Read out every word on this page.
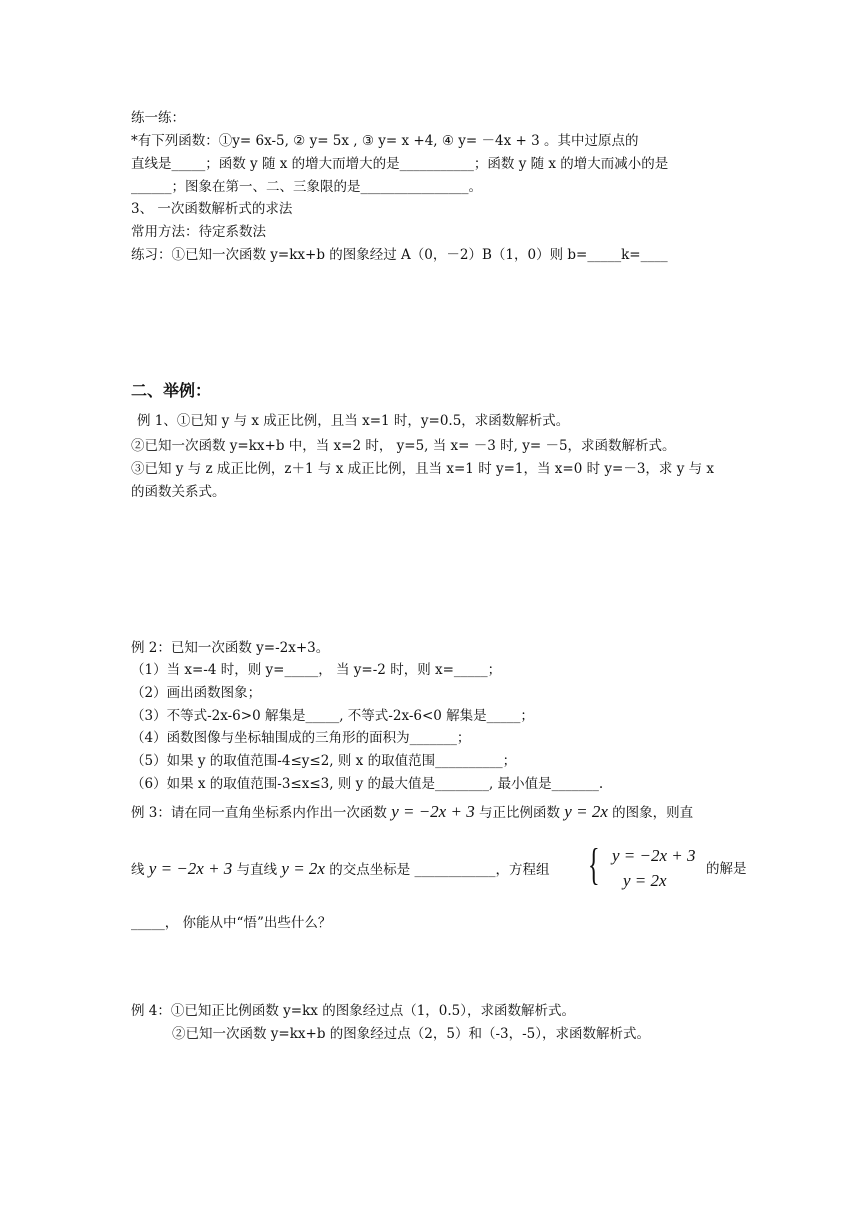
练一练：
*有下列函数：①y= 6x-5, ② y= 5x , ③ y= x +4, ④ y= －4x + 3 。其中过原点的
直线是_____；函数 y 随 x 的增大而增大的是___________；函数 y 随 x 的增大而减小的是
______；图象在第一、二、三象限的是________________。
3、 一次函数解析式的求法
常用方法：待定系数法
练习：①已知一次函数 y=kx+b 的图象经过 A（0，－2）B（1，0）则 b=_____k=____
二、举例：
例 1、①已知 y 与 x 成正比例，且当 x=1 时，y=0.5，求函数解析式。
②已知一次函数 y=kx+b 中，当 x=2 时， y=5, 当 x= －3 时, y= －5，求函数解析式。
③已知 y 与 z 成正比例，z＋1 与 x 成正比例，且当 x=1 时 y=1，当 x=0 时 y=－3，求 y 与 x
的函数关系式。
例 2：已知一次函数 y=-2x+3。
（1）当 x=-4 时，则 y=_____， 当 y=-2 时，则 x=_____；
（2）画出函数图象；
（3）不等式-2x-6>0 解集是_____, 不等式-2x-6<0 解集是_____；
（4）函数图像与坐标轴围成的三角形的面积为_______；
（5）如果 y 的取值范围-4≤y≤2, 则 x 的取值范围__________；
（6）如果 x 的取值范围-3≤x≤3, 则 y 的最大值是________, 最小值是_______.
例 3：请在同一直角坐标系内作出一次函数 y = −2x + 3 与正比例函数 y = 2x 的图象，则直
线 y = −2x + 3 与直线 y = 2x 的交点坐标是 ____________，方程组 { y = −2x + 3
y = 2x
的解是
_____， 你能从中“悟”出些什么？
例 4：①已知正比例函数 y=kx 的图象经过点（1，0.5），求函数解析式。
②已知一次函数 y=kx+b 的图象经过点（2，5）和（-3，-5），求函数解析式。
